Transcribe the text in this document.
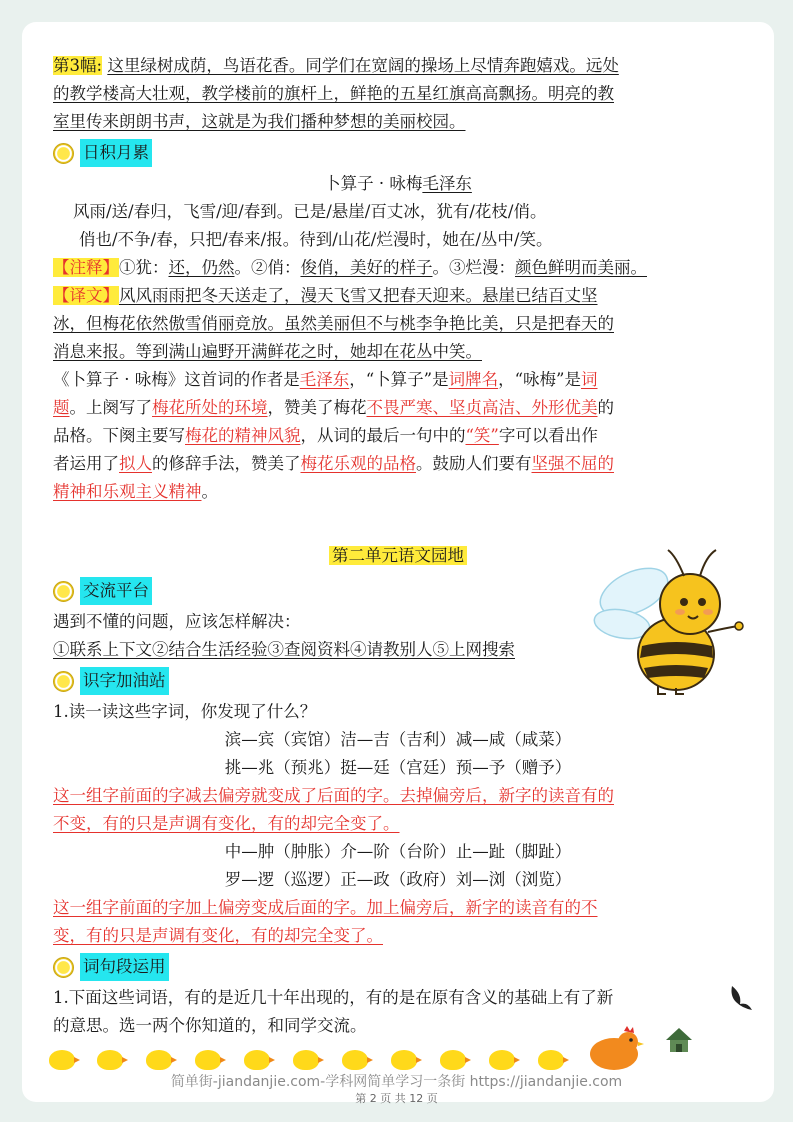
第3幅: 这里绿树成荫，鸟语花香。同学们在宽阔的操场上尽情奔跑嬉戏。远处
的教学楼高大壮观，教学楼前的旗杆上，鲜艳的五星红旗高高飘扬。明亮的教
室里传来朗朗书声，这就是为我们播种梦想的美丽校园。
日积月累
卜算子 · 咏梅毛泽东
风雨/送/春归，飞雪/迎/春到。已是/悬崖/百丈冰，犹有/花枝/俏。
俏也/不争/春，只把/春来/报。待到/山花/烂漫时，她在/丛中/笑。
【注释】①犹：还，仍然。②俏：俊俏，美好的样子。③烂漫：颜色鲜明而美丽。
【译文】风风雨雨把冬天送走了，漫天飞雪又把春天迎来。悬崖已结百丈坚
冰，但梅花依然傲雪俏丽竞放。虽然美丽但不与桃李争艳比美，只是把春天的
消息来报。等到满山遍野开满鲜花之时，她却在花丛中笑。
《卜算子 · 咏梅》这首词的作者是毛泽东，“卜算子”是词牌名，“咏梅”是词
题。上阕写了梅花所处的环境，赞美了梅花不畏严寒、坚贞高洁、外形优美的
品格。下阕主要写梅花的精神风貌，从词的最后一句中的“笑”字可以看出作
者运用了拟人的修辞手法，赞美了梅花乐观的品格。鼓励人们要有坚强不屈的
精神和乐观主义精神。
第二单元语文园地
交流平台
遇到不懂的问题，应该怎样解决：
①联系上下文②结合生活经验③查阅资料④请教别人⑤上网搜索
识字加油站
1.读一读这些字词，你发现了什么？
滨—宾（宾馆）洁—吉（吉利）减—咸（咸菜）
挑—兆（预兆）挺—廷（宫廷）预—予（赠予）
这一组字前面的字减去偏旁就变成了后面的字。去掉偏旁后，新字的读音有的
不变，有的只是声调有变化，有的却完全变了。
中—肿（肿胀）介—阶（台阶）止—趾（脚趾）
罗—逻（巡逻）正—政（政府）刘—浏（浏览）
这一组字前面的字加上偏旁变成后面的字。加上偏旁后，新字的读音有的不
变，有的只是声调有变化，有的却完全变了。
词句段运用
1.下面这些词语，有的是近几十年出现的，有的是在原有含义的基础上有了新
的意思。选一两个你知道的，和同学交流。
简单街-jiandanjie.com-学科网简单学习一条街 https://jiandanjie.com
第 2 页 共 12 页
